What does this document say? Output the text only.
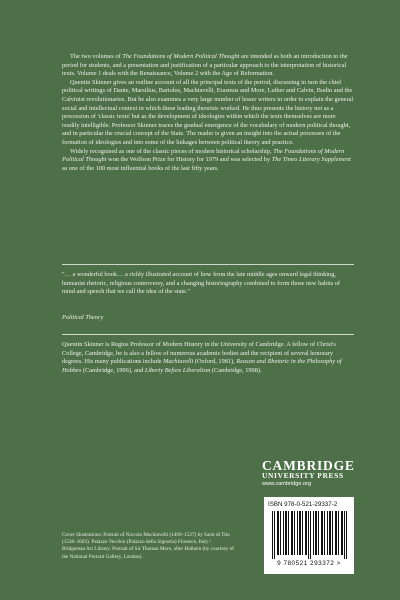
The two volumes of The Foundations of Modern Political Thought are intended as both an introduction to the period for students, and a presentation and justification of a particular approach to the interpretation of historical texts. Volume 1 deals with the Renaissance, Volume 2 with the Age of Reformation.

Quentin Skinner gives an outline account of all the principal texts of the period, discussing in turn the chief political writings of Dante, Marsilius, Bartolus, Machiavelli, Erasmus and More, Luther and Calvin, Bodin and the Calvinist revolutionaries. But he also examines a very large number of lesser writers in order to explain the general social and intellectual context in which these leading theorists worked. He thus presents the history not as a procession of 'classic texts' but as the development of ideologies within which the texts themselves are more readily intelligible. Professor Skinner traces the gradual emergence of the vocabulary of modern political thought, and in particular the crucial concept of the State. The reader is given an insight into the actual processes of the formation of ideologies and into some of the linkages between political theory and practice.

Widely recognised as one of the classic pieces of modern historical scholarship, The Foundations of Modern Political Thought won the Wolfson Prize for History for 1979 and was selected by The Times Literary Supplement as one of the 100 most influential books of the last fifty years.

"… a wonderful book… a richly illustrated account of how from the late middle ages onward legal thinking, humanist rhetoric, religious controversy, and a changing historiography combined to form those new habits of mind and speech that we call the idea of the state."
Political Theory
Quentin Skinner is Regius Professor of Modern History in the University of Cambridge. A fellow of Christ's College, Cambridge, he is also a fellow of numerous academic bodies and the recipient of several honorary degrees. His many publications include Machiavelli (Oxford, 1981), Reason and Rhetoric in the Philosophy of Hobbes (Cambridge, 1996), and Liberty Before Liberalism (Cambridge, 1998).

CAMBRIDGE

UNIVERSITY PRESS

www.cambridge.org

ISBN 978-0-521-29337-2
9 780521 293372 >
Cover illustrations: Portrait of Niccolo Machiavelli (1469–1527) by Santi di Tito (1536–1603). Palazzo Vecchio (Palazzo della Signoria) Florence, Italy / Bridgeman Art Library. Portrait of Sir Thomas More, after Holbein (by courtesy of the National Portrait Gallery, London).
